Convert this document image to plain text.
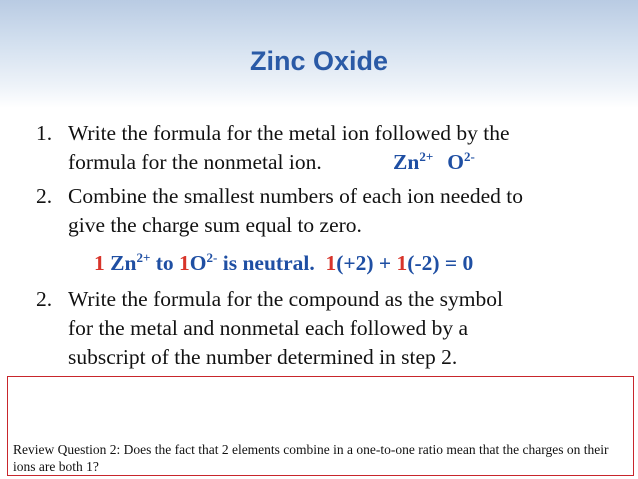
Zinc Oxide
1. Write the formula for the metal ion followed by the
formula for the nonmetal ion.	$Zn^{2+}$ $O^{2-}$
2. Combine the smallest numbers of each ion needed to
give the charge sum equal to zero.
1 $Zn^{2+}$ to $1O^{2-}$ is neutral. 1(+2) + 1(-2) = 0
2. Write the formula for the compound as the symbol
for the metal and nonmetal each followed by a
subscript of the number determined in step 2.
Review Question 2: Does the fact that 2 elements combine in a one-to-one ratio mean that the charges on their ions are both 1?
